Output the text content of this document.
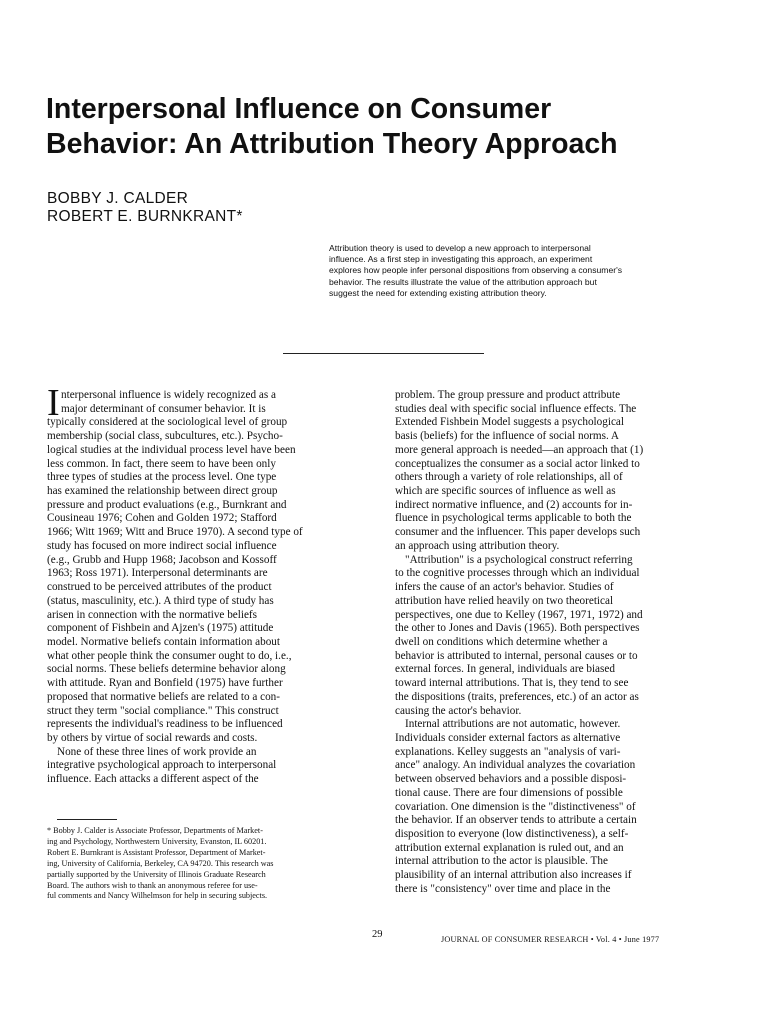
Interpersonal Influence on Consumer
Behavior: An Attribution Theory Approach
BOBBY J. CALDER
ROBERT E. BURNKRANT*
Attribution theory is used to develop a new approach to interpersonal
influence. As a first step in investigating this approach, an experiment
explores how people infer personal dispositions from observing a consumer's
behavior. The results illustrate the value of the attribution approach but
suggest the need for extending existing attribution theory.
I nterpersonal influence is widely recognized as a
major determinant of consumer behavior. It is
typically considered at the sociological level of group
membership (social class, subcultures, etc.). Psycho-
logical studies at the individual process level have been
less common. In fact, there seem to have been only
three types of studies at the process level. One type
has examined the relationship between direct group
pressure and product evaluations (e.g., Burnkrant and
Cousineau 1976; Cohen and Golden 1972; Stafford
1966; Witt 1969; Witt and Bruce 1970). A second type of
study has focused on more indirect social influence
(e.g., Grubb and Hupp 1968; Jacobson and Kossoff
1963; Ross 1971). Interpersonal determinants are
construed to be perceived attributes of the product
(status, masculinity, etc.). A third type of study has
arisen in connection with the normative beliefs
component of Fishbein and Ajzen's (1975) attitude
model. Normative beliefs contain information about
what other people think the consumer ought to do, i.e.,
social norms. These beliefs determine behavior along
with attitude. Ryan and Bonfield (1975) have further
proposed that normative beliefs are related to a con-
struct they term "social compliance." This construct
represents the individual's readiness to be influenced
by others by virtue of social rewards and costs.
None of these three lines of work provide an
integrative psychological approach to interpersonal
influence. Each attacks a different aspect of the
problem. The group pressure and product attribute
studies deal with specific social influence effects. The
Extended Fishbein Model suggests a psychological
basis (beliefs) for the influence of social norms. A
more general approach is needed—an approach that (1)
conceptualizes the consumer as a social actor linked to
others through a variety of role relationships, all of
which are specific sources of influence as well as
indirect normative influence, and (2) accounts for in-
fluence in psychological terms applicable to both the
consumer and the influencer. This paper develops such
an approach using attribution theory.
"Attribution" is a psychological construct referring
to the cognitive processes through which an individual
infers the cause of an actor's behavior. Studies of
attribution have relied heavily on two theoretical
perspectives, one due to Kelley (1967, 1971, 1972) and
the other to Jones and Davis (1965). Both perspectives
dwell on conditions which determine whether a
behavior is attributed to internal, personal causes or to
external forces. In general, individuals are biased
toward internal attributions. That is, they tend to see
the dispositions (traits, preferences, etc.) of an actor as
causing the actor's behavior.
Internal attributions are not automatic, however.
Individuals consider external factors as alternative
explanations. Kelley suggests an "analysis of vari-
ance" analogy. An individual analyzes the covariation
between observed behaviors and a possible disposi-
tional cause. There are four dimensions of possible
covariation. One dimension is the "distinctiveness" of
the behavior. If an observer tends to attribute a certain
disposition to everyone (low distinctiveness), a self-
attribution external explanation is ruled out, and an
internal attribution to the actor is plausible. The
plausibility of an internal attribution also increases if
there is "consistency" over time and place in the
* Bobby J. Calder is Associate Professor, Departments of Market-
ing and Psychology, Northwestern University, Evanston, IL 60201.
Robert E. Burnkrant is Assistant Professor, Department of Market-
ing, University of California, Berkeley, CA 94720. This research was
partially supported by the University of Illinois Graduate Research
Board. The authors wish to thank an anonymous referee for use-
ful comments and Nancy Wilhelmson for help in securing subjects.
29	JOURNAL OF CONSUMER RESEARCH • Vol. 4 • June 1977
